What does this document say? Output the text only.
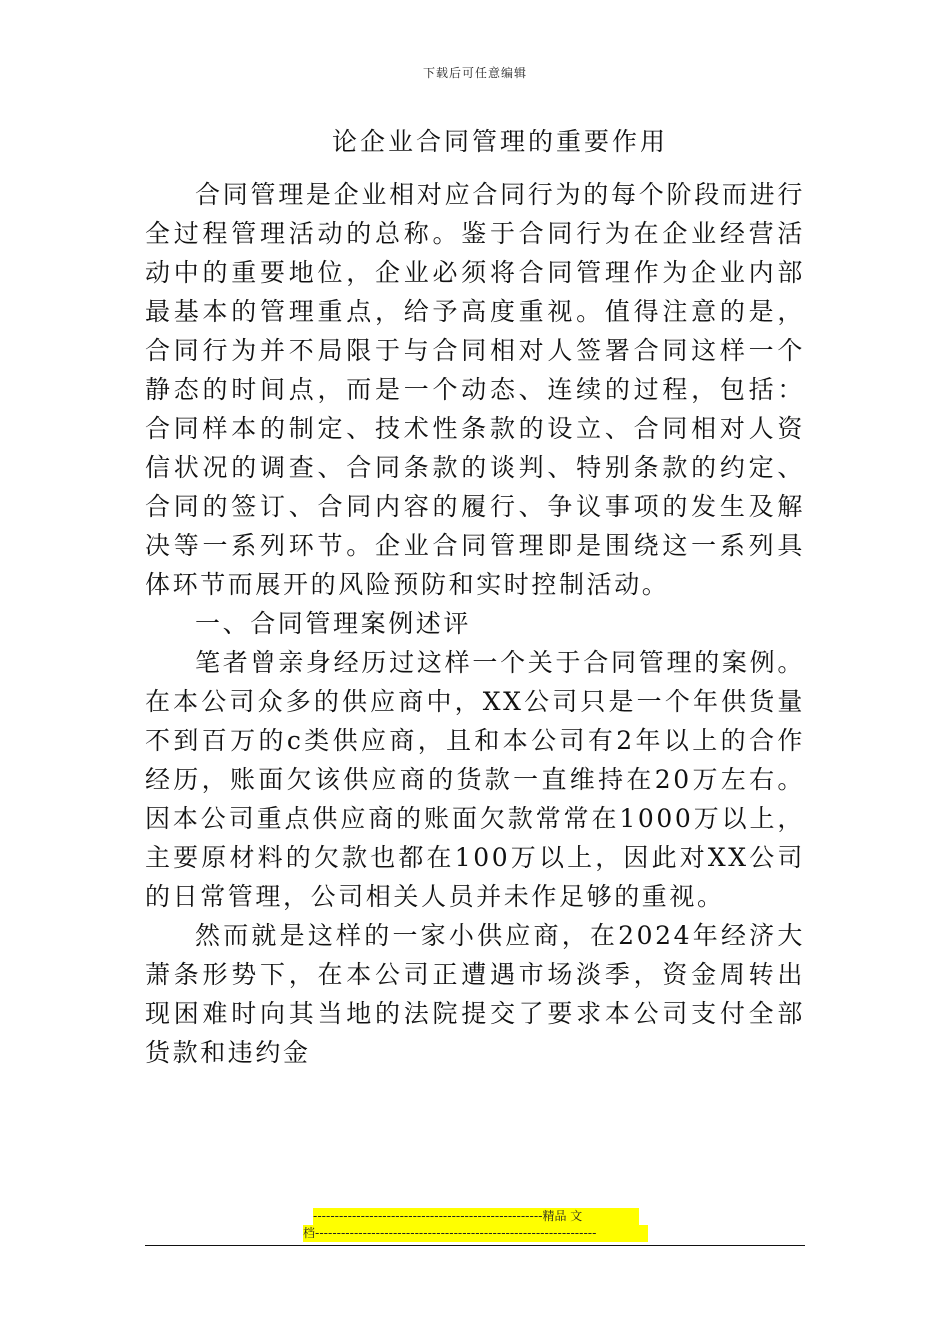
下载后可任意编辑
论企业合同管理的重要作用

合同管理是企业相对应合同行为的每个阶段而进行全过程管理活动的总称。鉴于合同行为在企业经营活动中的重要地位，企业必须将合同管理作为企业内部最基本的管理重点，给予高度重视。值得注意的是，合同行为并不局限于与合同相对人签署合同这样一个静态的时间点，而是一个动态、连续的过程，包括：合同样本的制定、技术性条款的设立、合同相对人资信状况的调查、合同条款的谈判、特别条款的约定、合同的签订、合同内容的履行、争议事项的发生及解决等一系列环节。企业合同管理即是围绕这一系列具体环节而展开的风险预防和实时控制活动。

一、合同管理案例述评

笔者曾亲身经历过这样一个关于合同管理的案例。在本公司众多的供应商中，XX公司只是一个年供货量不到百万的c类供应商，且和本公司有2年以上的合作经历，账面欠该供应商的货款一直维持在20万左右。因本公司重点供应商的账面欠款常常在1000万以上，主要原材料的欠款也都在100万以上，因此对XX公司的日常管理，公司相关人员并未作足够的重视。

然而就是这样的一家小供应商，在2024年经济大萧条形势下，在本公司正遭遇市场淡季，资金周转出现困难时向其当地的法院提交了要求本公司支付全部货款和违约金

-----------------------------------------------------精品 文
档-----------------------------------------------------------------
